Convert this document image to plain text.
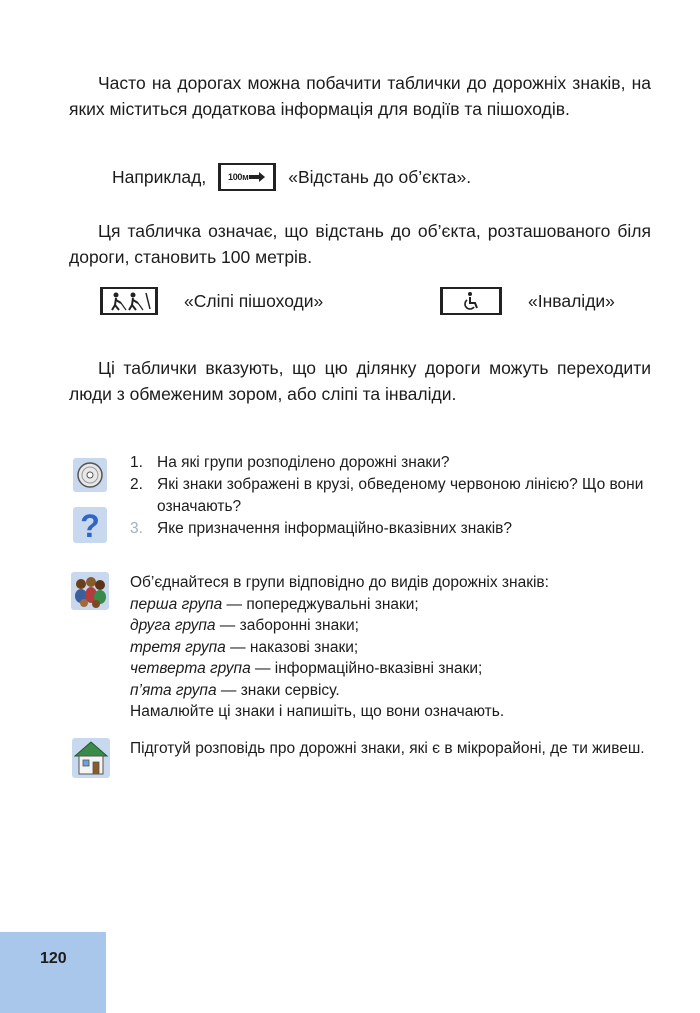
Часто на дорогах можна побачити таблички до дорожніх знаків, на яких міститься додаткова інформація для водіїв та пішоходів.

Наприклад, 100м «Відстань до об’єкта».

Ця табличка означає, що відстань до об’єкта, розташованого біля дороги, становить 100 метрів.

«Сліпі пішоходи»	«Інваліди»

Ці таблички вказують, що цю ділянку дороги можуть переходити люди з обмеженим зором, або сліпі та інваліди.

?
1. На які групи розподілено дорожні знаки?
2. Які знаки зображені в крузі, обведеному червоною лінією? Що вони означають?
3. Яке призначення інформаційно-вказівних знаків?
Об’єднайтеся в групи відповідно до видів дорожніх знаків:
перша група — попереджувальні знаки;
друга група — заборонні знаки;
третя група — наказові знаки;
четверта група — інформаційно-вказівні знаки;
п’ята група — знаки сервісу.
Намалюйте ці знаки і напишіть, що вони означають.
Підготуй розповідь про дорожні знаки, які є в мікрорайоні, де ти живеш.
120
